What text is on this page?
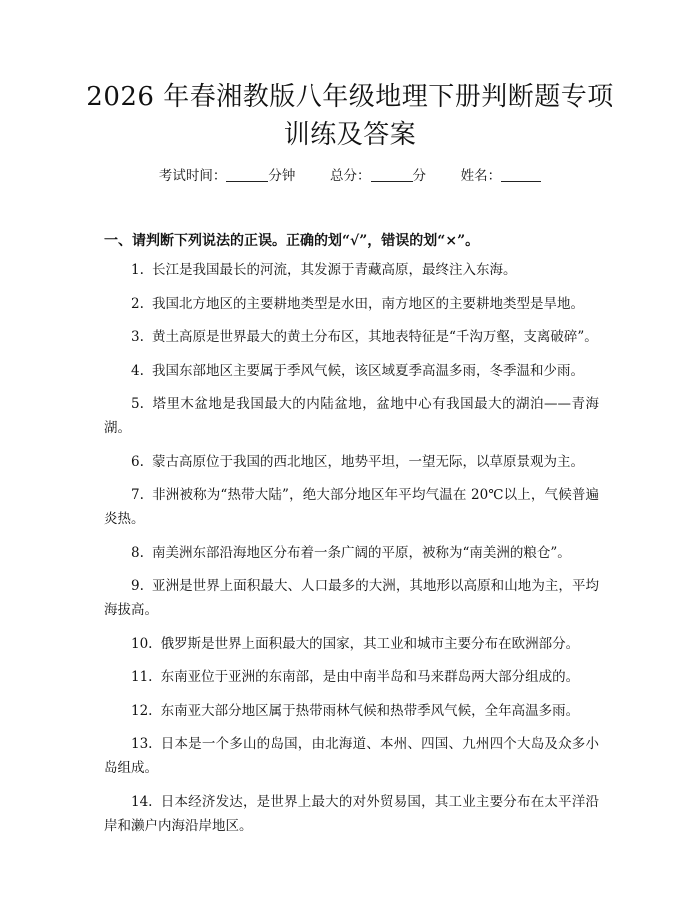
2026 年春湘教版八年级地理下册判断题专项
训练及答案
考试时间：	分钟	总分：	分	姓名：
一、请判断下列说法的正误。正确的划“√”，错误的划“×”。

1. 长江是我国最长的河流，其发源于青藏高原，最终注入东海。

2. 我国北方地区的主要耕地类型是水田，南方地区的主要耕地类型是旱地。

3. 黄土高原是世界最大的黄土分布区，其地表特征是“千沟万壑，支离破碎”。

4. 我国东部地区主要属于季风气候，该区域夏季高温多雨，冬季温和少雨。

5. 塔里木盆地是我国最大的内陆盆地，盆地中心有我国最大的湖泊——青海湖。

6. 蒙古高原位于我国的西北地区，地势平坦，一望无际，以草原景观为主。

7. 非洲被称为“热带大陆”，绝大部分地区年平均气温在 20℃以上，气候普遍炎热。

8. 南美洲东部沿海地区分布着一条广阔的平原，被称为“南美洲的粮仓”。

9. 亚洲是世界上面积最大、人口最多的大洲，其地形以高原和山地为主，平均海拔高。

10. 俄罗斯是世界上面积最大的国家，其工业和城市主要分布在欧洲部分。

11. 东南亚位于亚洲的东南部，是由中南半岛和马来群岛两大部分组成的。

12. 东南亚大部分地区属于热带雨林气候和热带季风气候，全年高温多雨。

13. 日本是一个多山的岛国，由北海道、本州、四国、九州四个大岛及众多小岛组成。

14. 日本经济发达，是世界上最大的对外贸易国，其工业主要分布在太平洋沿岸和濑户内海沿岸地区。
